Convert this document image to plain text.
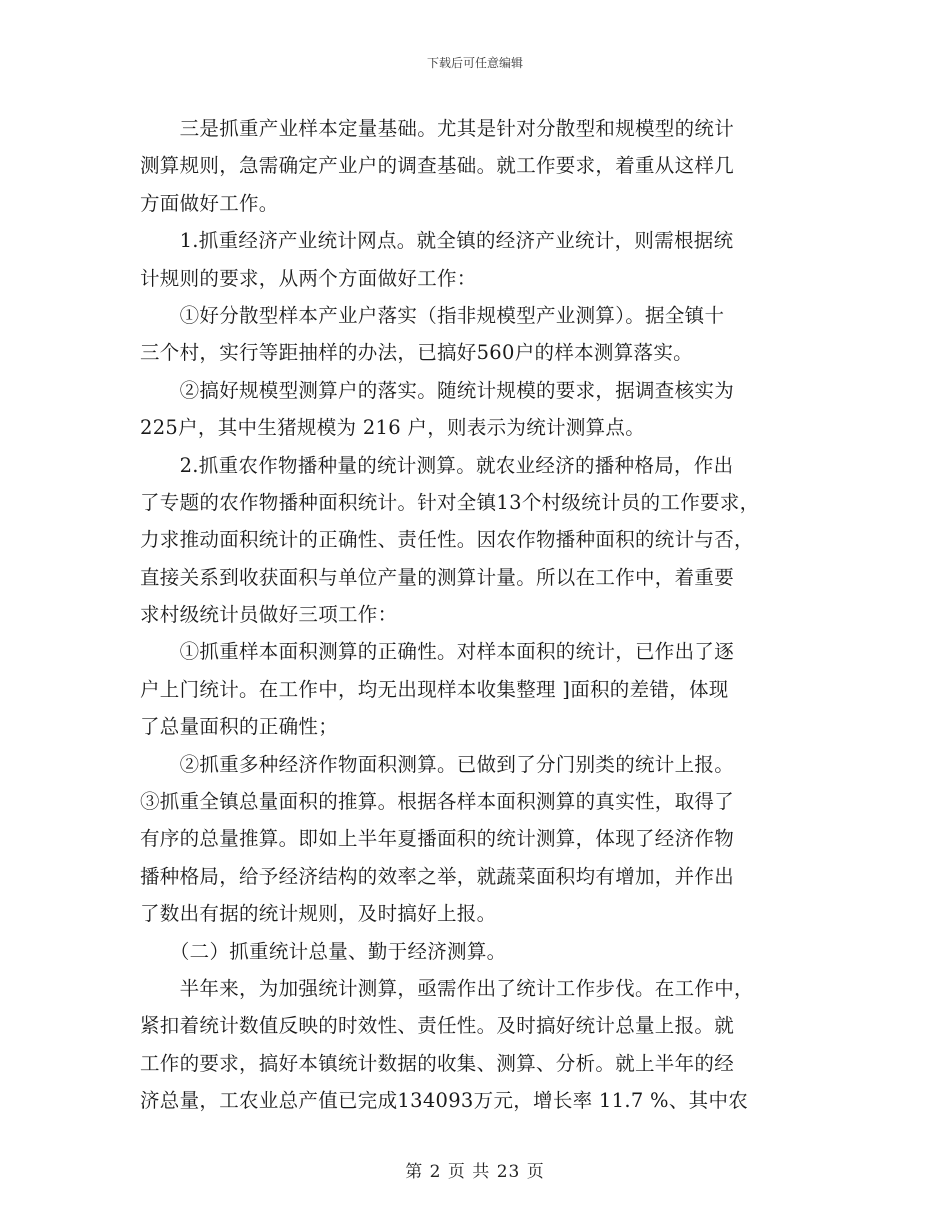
下载后可任意编辑
　　三是抓重产业样本定量基础。尤其是针对分散型和规模型的统计
测算规则，急需确定产业户的调查基础。就工作要求，着重从这样几
方面做好工作。
　　1.抓重经济产业统计网点。就全镇的经济产业统计，则需根据统
计规则的要求，从两个方面做好工作：
　　①好分散型样本产业户落实（指非规模型产业测算）。据全镇十
三个村，实行等距抽样的办法，已搞好560户的样本测算落实。
　　②搞好规模型测算户的落实。随统计规模的要求，据调查核实为
225户，其中生猪规模为 216 户，则表示为统计测算点。
　　2.抓重农作物播种量的统计测算。就农业经济的播种格局，作出
了专题的农作物播种面积统计。针对全镇13个村级统计员的工作要求，
力求推动面积统计的正确性、责任性。因农作物播种面积的统计与否，
直接关系到收获面积与单位产量的测算计量。所以在工作中，着重要
求村级统计员做好三项工作：
　　①抓重样本面积测算的正确性。对样本面积的统计，已作出了逐
户上门统计。在工作中，均无出现样本收集整理 ]面积的差错，体现
了总量面积的正确性；
　　②抓重多种经济作物面积测算。已做到了分门别类的统计上报。
③抓重全镇总量面积的推算。根据各样本面积测算的真实性，取得了
有序的总量推算。即如上半年夏播面积的统计测算，体现了经济作物
播种格局，给予经济结构的效率之举，就蔬菜面积均有增加，并作出
了数出有据的统计规则，及时搞好上报。
　　（二）抓重统计总量、勤于经济测算。
　　半年来，为加强统计测算，亟需作出了统计工作步伐。在工作中，
紧扣着统计数值反映的时效性、责任性。及时搞好统计总量上报。就
工作的要求，搞好本镇统计数据的收集、测算、分析。就上半年的经
济总量，工农业总产值已完成134093万元，增长率 11.7 %、其中农
第 2 页 共 23 页
